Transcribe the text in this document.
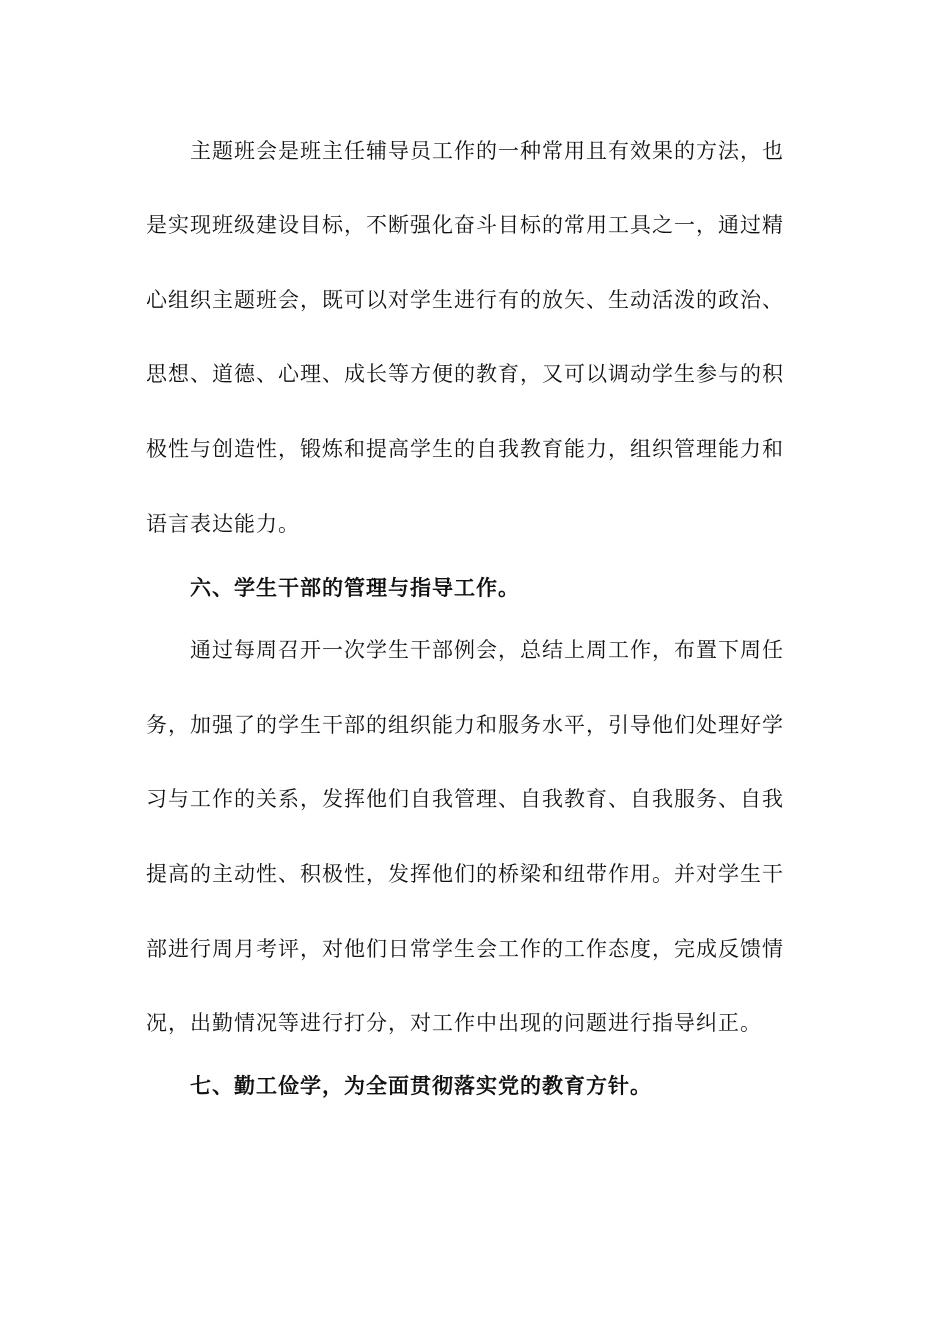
主题班会是班主任辅导员工作的一种常用且有效果的方法，也
是实现班级建设目标，不断强化奋斗目标的常用工具之一，通过精
心组织主题班会，既可以对学生进行有的放矢、生动活泼的政治、
思想、道德、心理、成长等方便的教育，又可以调动学生参与的积
极性与创造性，锻炼和提高学生的自我教育能力，组织管理能力和
语言表达能力。
六、学生干部的管理与指导工作。
通过每周召开一次学生干部例会，总结上周工作，布置下周任
务，加强了的学生干部的组织能力和服务水平，引导他们处理好学
习与工作的关系，发挥他们自我管理、自我教育、自我服务、自我
提高的主动性、积极性，发挥他们的桥梁和纽带作用。并对学生干
部进行周月考评，对他们日常学生会工作的工作态度，完成反馈情
况，出勤情况等进行打分，对工作中出现的问题进行指导纠正。
七、勤工俭学，为全面贯彻落实党的教育方针。
